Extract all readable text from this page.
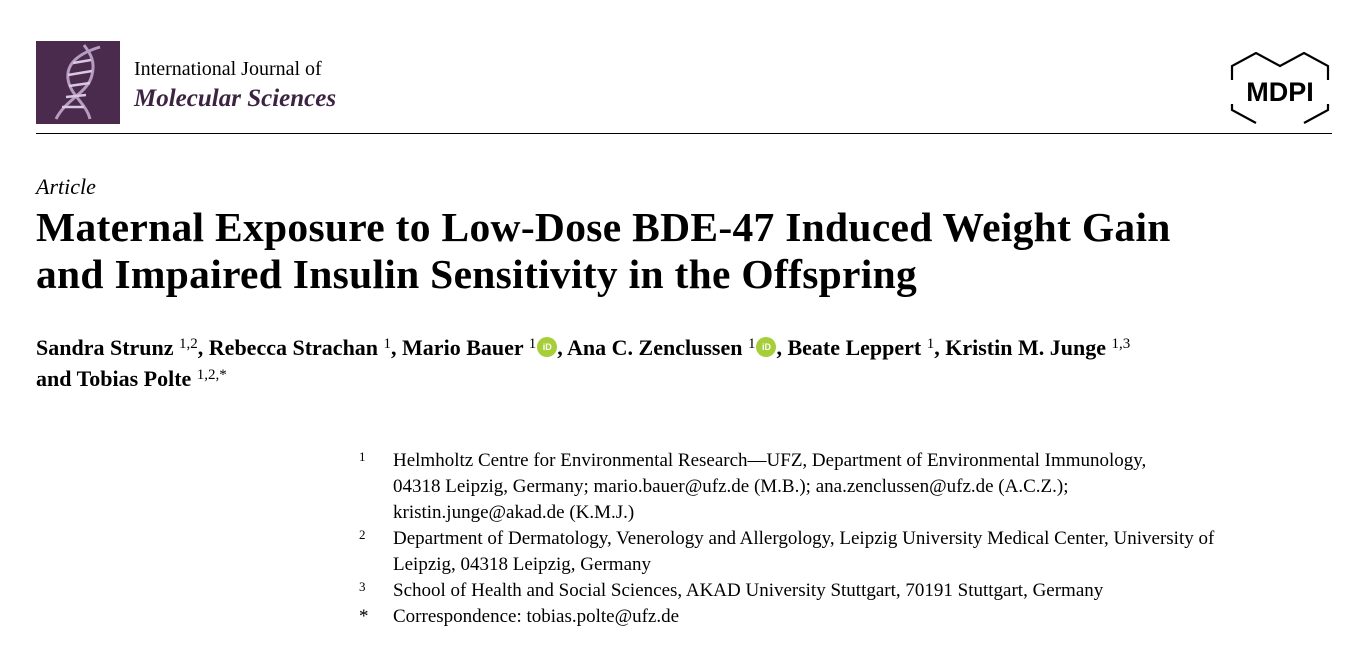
International Journal of
Molecular Sciences	MDPI
Article
Maternal Exposure to Low-Dose BDE-47 Induced Weight Gain
and Impaired Insulin Sensitivity in the Offspring
Sandra Strunz $^{1,2}$, Rebecca Strachan $^1$, Mario Bauer $^1$ iD , Ana C. Zenclussen $^1$ iD , Beate Leppert $^1$, Kristin M. Junge $^{1,3}$
and Tobias Polte $^{1,2,*}$
1 Helmholtz Centre for Environmental Research—UFZ, Department of Environmental Immunology,
04318 Leipzig, Germany; mario.bauer@ufz.de (M.B.); ana.zenclussen@ufz.de (A.C.Z.);
kristin.junge@akad.de (K.M.J.)
2 Department of Dermatology, Venerology and Allergology, Leipzig University Medical Center, University of
Leipzig, 04318 Leipzig, Germany
3 School of Health and Social Sciences, AKAD University Stuttgart, 70191 Stuttgart, Germany
* Correspondence: tobias.polte@ufz.de
